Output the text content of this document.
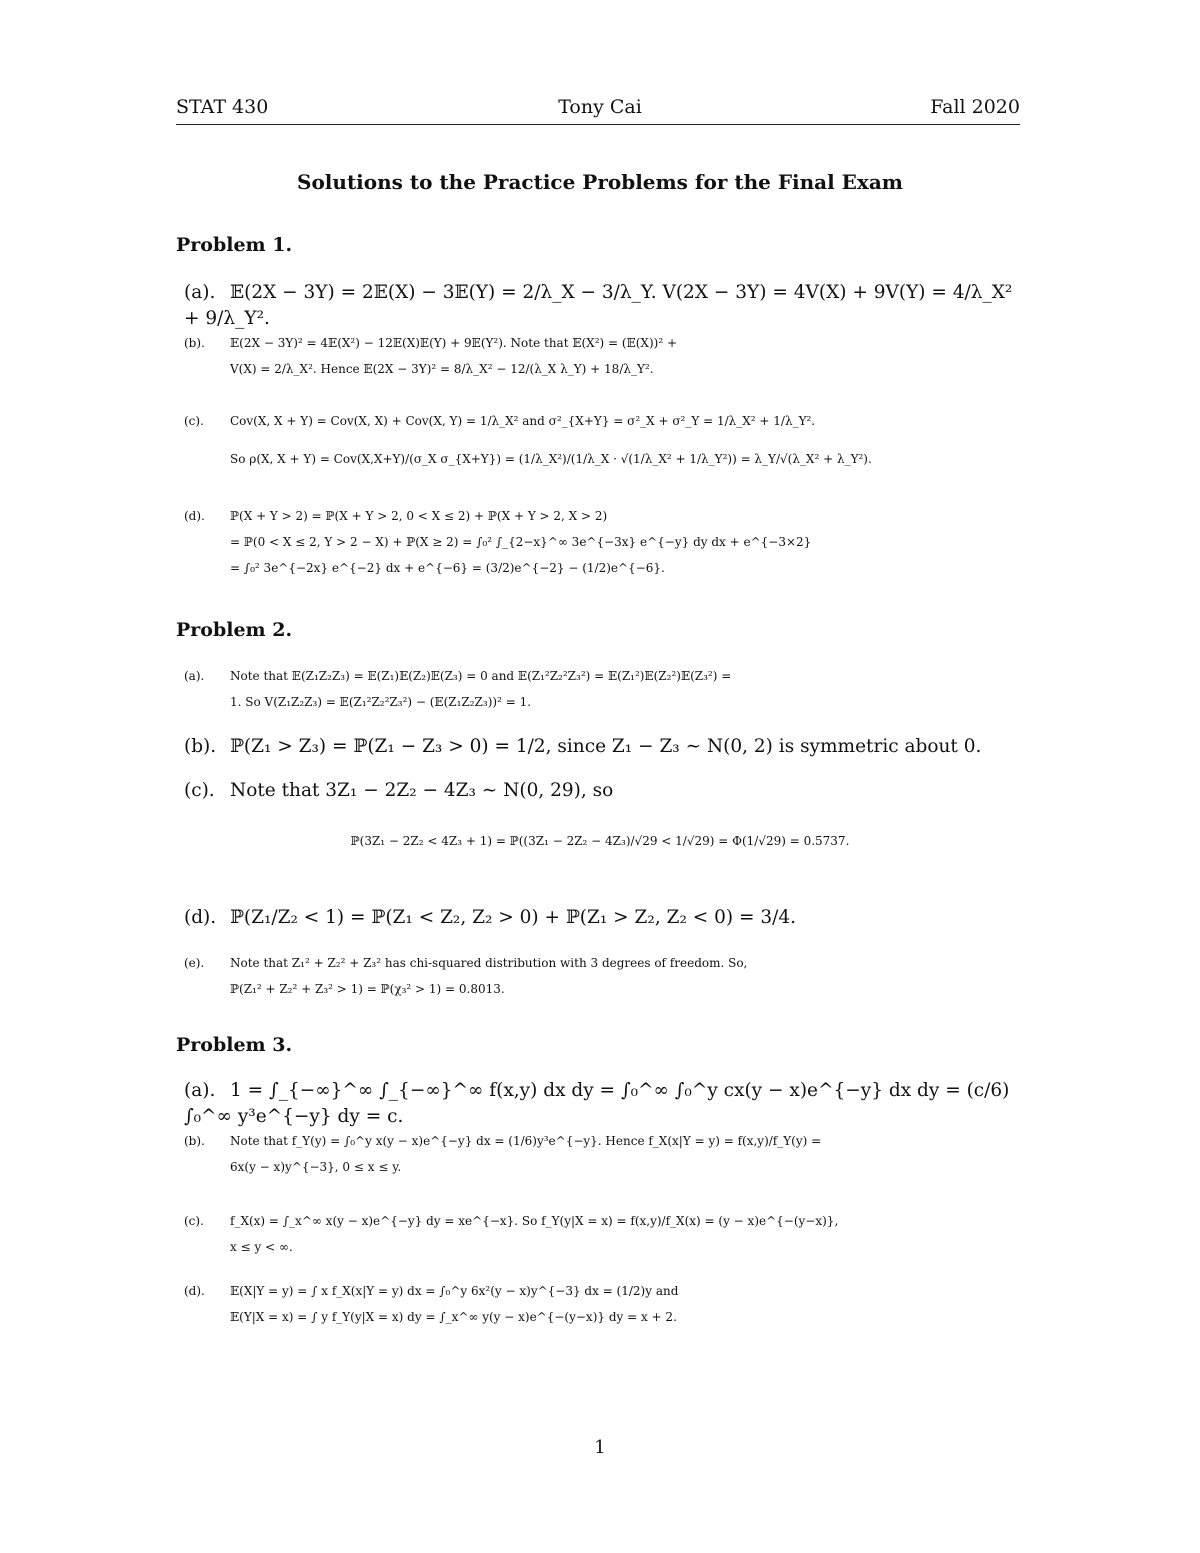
STAT 430	Tony Cai	Fall 2020
Solutions to the Practice Problems for the Final Exam
Problem 1.
(a). 𝔼(2X − 3Y) = 2𝔼(X) − 3𝔼(Y) = 2/λ_X − 3/λ_Y. V(2X − 3Y) = 4V(X) + 9V(Y) = 4/λ_X² + 9/λ_Y².
(b). 𝔼(2X − 3Y)² = 4𝔼(X²) − 12𝔼(X)𝔼(Y) + 9𝔼(Y²). Note that 𝔼(X²) = (𝔼(X))² +
V(X) = 2/λ_X². Hence 𝔼(2X − 3Y)² = 8/λ_X² − 12/(λ_X λ_Y) + 18/λ_Y².
(c). Cov(X, X + Y) = Cov(X, X) + Cov(X, Y) = 1/λ_X² and σ²_{X+Y} = σ²_X + σ²_Y = 1/λ_X² + 1/λ_Y².
So ρ(X, X + Y) = Cov(X,X+Y)/(σ_X σ_{X+Y}) = (1/λ_X²)/(1/λ_X · √(1/λ_X² + 1/λ_Y²)) = λ_Y/√(λ_X² + λ_Y²).
(d). ℙ(X + Y > 2) = ℙ(X + Y > 2, 0 < X ≤ 2) + ℙ(X + Y > 2, X > 2)
= ℙ(0 < X ≤ 2, Y > 2 − X) + ℙ(X ≥ 2) = ∫₀² ∫_{2−x}^∞ 3e^{−3x} e^{−y} dy dx + e^{−3×2}
= ∫₀² 3e^{−2x} e^{−2} dx + e^{−6} = (3/2)e^{−2} − (1/2)e^{−6}.
Problem 2.
(a). Note that 𝔼(Z₁Z₂Z₃) = 𝔼(Z₁)𝔼(Z₂)𝔼(Z₃) = 0 and 𝔼(Z₁²Z₂²Z₃²) = 𝔼(Z₁²)𝔼(Z₂²)𝔼(Z₃²) =
1. So V(Z₁Z₂Z₃) = 𝔼(Z₁²Z₂²Z₃²) − (𝔼(Z₁Z₂Z₃))² = 1.
(b). ℙ(Z₁ > Z₃) = ℙ(Z₁ − Z₃ > 0) = 1/2, since Z₁ − Z₃ ∼ N(0, 2) is symmetric about 0.
(c). Note that 3Z₁ − 2Z₂ − 4Z₃ ∼ N(0, 29), so
ℙ(3Z₁ − 2Z₂ < 4Z₃ + 1) = ℙ((3Z₁ − 2Z₂ − 4Z₃)/√29 < 1/√29) = Φ(1/√29) = 0.5737.
(d). ℙ(Z₁/Z₂ < 1) = ℙ(Z₁ < Z₂, Z₂ > 0) + ℙ(Z₁ > Z₂, Z₂ < 0) = 3/4.
(e). Note that Z₁² + Z₂² + Z₃² has chi-squared distribution with 3 degrees of freedom. So,
ℙ(Z₁² + Z₂² + Z₃² > 1) = ℙ(χ₃² > 1) = 0.8013.
Problem 3.
(a). 1 = ∫_{−∞}^∞ ∫_{−∞}^∞ f(x,y) dx dy = ∫₀^∞ ∫₀^y cx(y − x)e^{−y} dx dy = (c/6) ∫₀^∞ y³e^{−y} dy = c.
(b). Note that f_Y(y) = ∫₀^y x(y − x)e^{−y} dx = (1/6)y³e^{−y}. Hence f_X(x|Y = y) = f(x,y)/f_Y(y) =
6x(y − x)y^{−3}, 0 ≤ x ≤ y.
(c). f_X(x) = ∫_x^∞ x(y − x)e^{−y} dy = xe^{−x}. So f_Y(y|X = x) = f(x,y)/f_X(x) = (y − x)e^{−(y−x)},
x ≤ y < ∞.
(d). 𝔼(X|Y = y) = ∫ x f_X(x|Y = y) dx = ∫₀^y 6x²(y − x)y^{−3} dx = (1/2)y and
𝔼(Y|X = x) = ∫ y f_Y(y|X = x) dy = ∫_x^∞ y(y − x)e^{−(y−x)} dy = x + 2.
1
